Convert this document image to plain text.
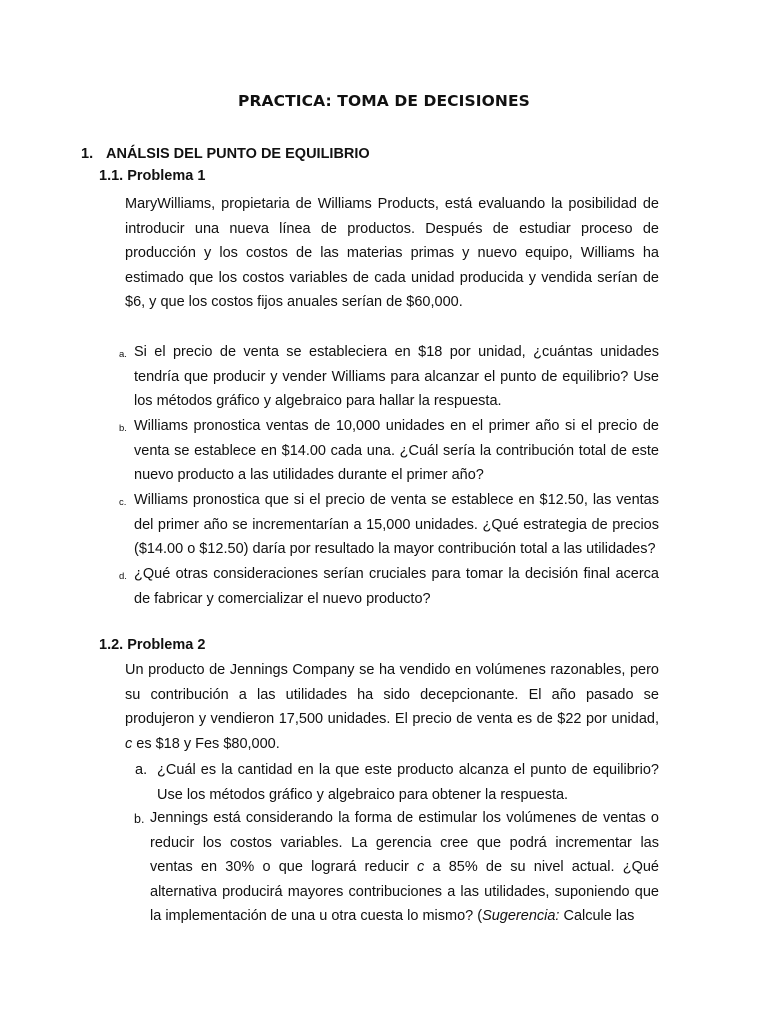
PRACTICA: TOMA DE DECISIONES
1. ANÁLSIS DEL PUNTO DE EQUILIBRIO
1.1. Problema 1
MaryWilliams, propietaria de Williams Products, está evaluando la posibilidad de introducir una nueva línea de productos. Después de estudiar proceso de producción y los costos de las materias primas y nuevo equipo, Williams ha estimado que los costos variables de cada unidad producida y vendida serían de $6, y que los costos fijos anuales serían de $60,000.
a. Si el precio de venta se estableciera en $18 por unidad, ¿cuántas unidades tendría que producir y vender Williams para alcanzar el punto de equilibrio? Use los métodos gráfico y algebraico para hallar la respuesta.
b. Williams pronostica ventas de 10,000 unidades en el primer año si el precio de venta se establece en $14.00 cada una. ¿Cuál sería la contribución total de este nuevo producto a las utilidades durante el primer año?
c. Williams pronostica que si el precio de venta se establece en $12.50, las ventas del primer año se incrementarían a 15,000 unidades. ¿Qué estrategia de precios ($14.00 o $12.50) daría por resultado la mayor contribución total a las utilidades?
d. ¿Qué otras consideraciones serían cruciales para tomar la decisión final acerca de fabricar y comercializar el nuevo producto?
1.2. Problema 2
Un producto de Jennings Company se ha vendido en volúmenes razonables, pero su contribución a las utilidades ha sido decepcionante. El año pasado se produjeron y vendieron 17,500 unidades. El precio de venta es de $22 por unidad, c es $18 y Fes $80,000.
a. ¿Cuál es la cantidad en la que este producto alcanza el punto de equilibrio? Use los métodos gráfico y algebraico para obtener la respuesta.
b. Jennings está considerando la forma de estimular los volúmenes de ventas o reducir los costos variables. La gerencia cree que podrá incrementar las ventas en 30% o que logrará reducir c a 85% de su nivel actual. ¿Qué alternativa producirá mayores contribuciones a las utilidades, suponiendo que la implementación de una u otra cuesta lo mismo? (Sugerencia: Calcule las
